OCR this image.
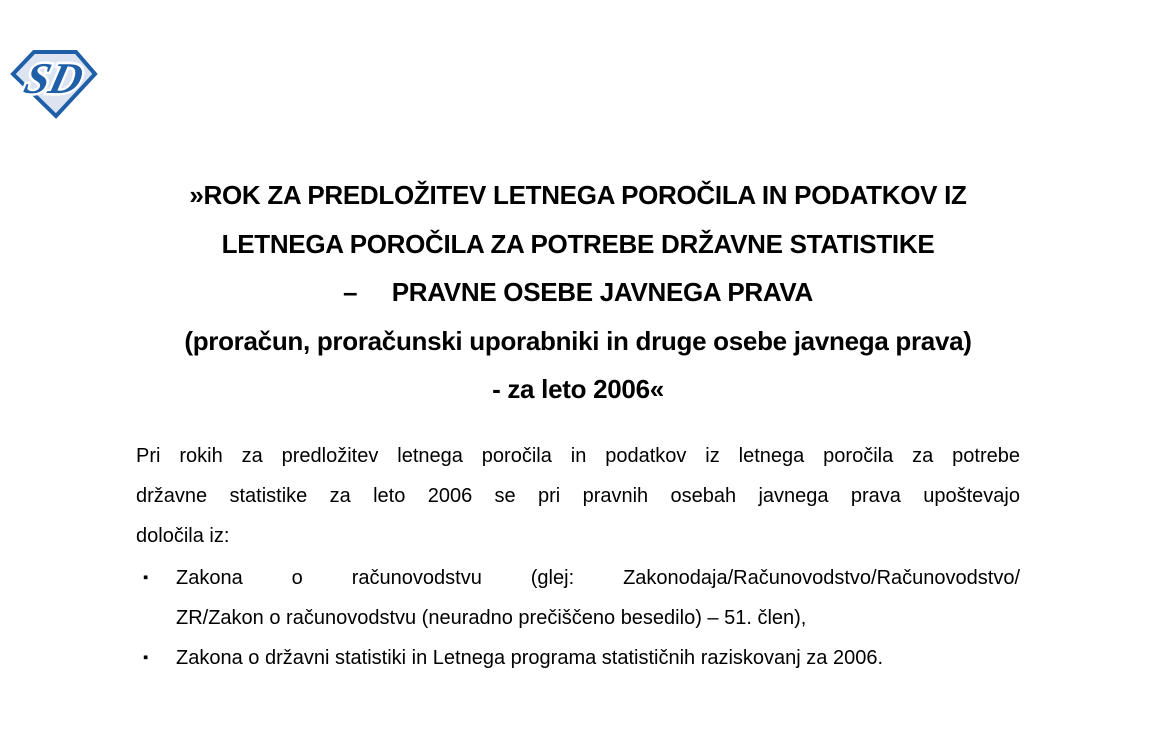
SD
»ROK ZA PREDLOŽITEV LETNEGA POROČILA IN PODATKOV IZ
LETNEGA POROČILA ZA POTREBE DRŽAVNE STATISTIKE
–     PRAVNE OSEBE JAVNEGA PRAVA
(proračun, proračunski uporabniki in druge osebe javnega prava)
- za leto 2006«
Pri rokih za predložitev letnega poročila in podatkov iz letnega poročila za potrebe
državne statistike za leto 2006 se pri pravnih osebah javnega prava upoštevajo
določila iz:
▪	Zakona o računovodstvu (glej: Zakonodaja/Računovodstvo/Računovodstvo/
ZR/Zakon o računovodstvu (neuradno prečiščeno besedilo) – 51. člen),
▪	Zakona o državni statistiki in Letnega programa statističnih raziskovanj za 2006.
